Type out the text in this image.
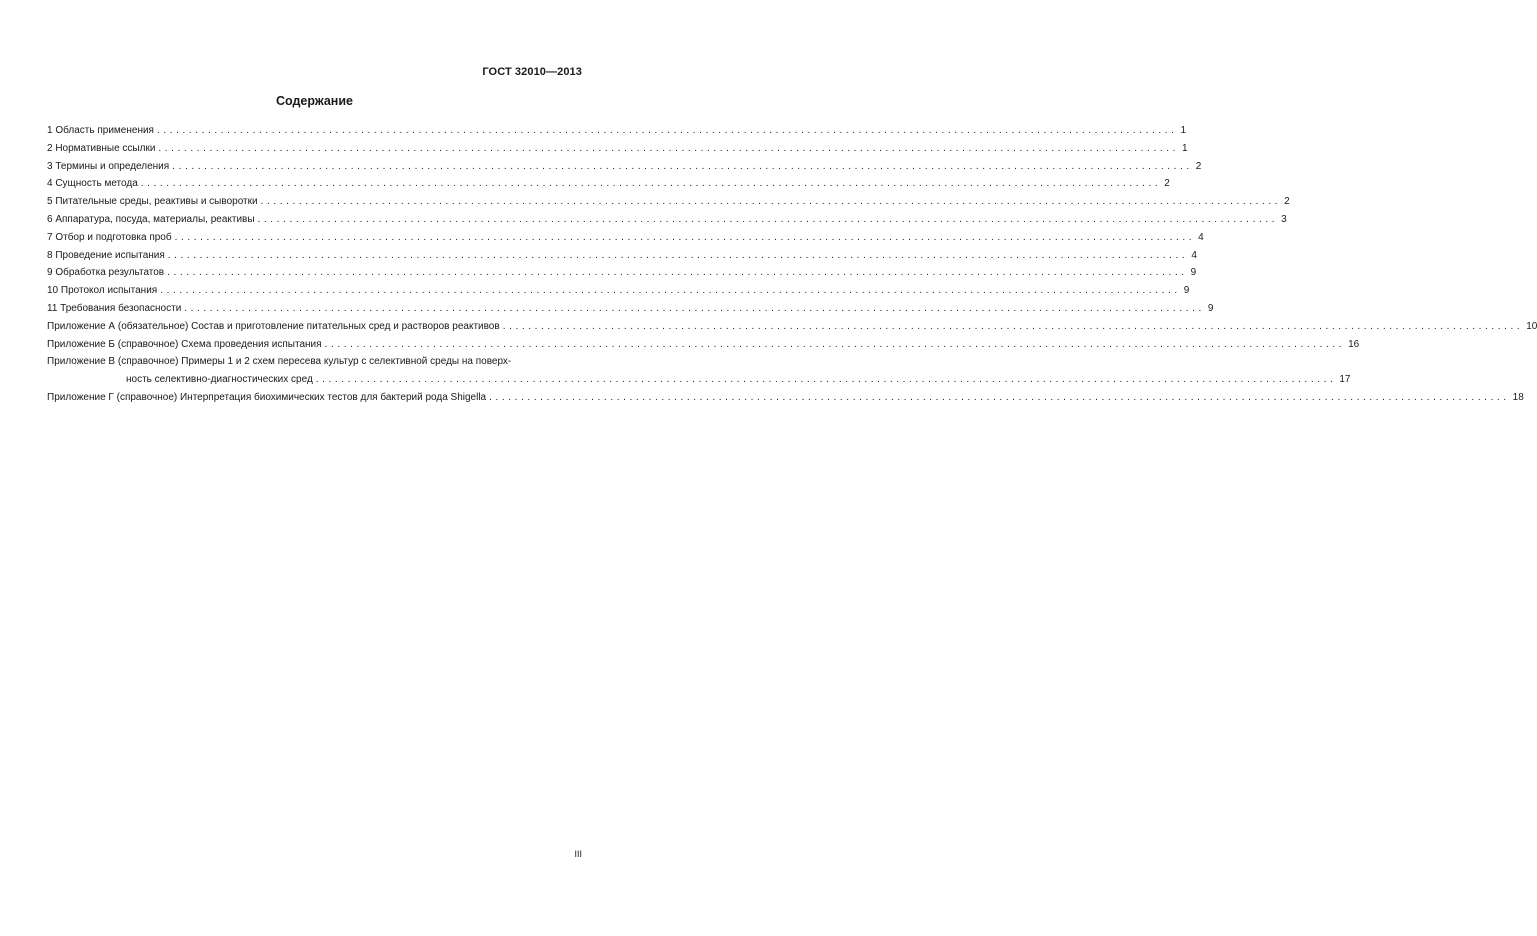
ГОСТ 32010—2013
Содержание
1 Область применения ................................................................................................................................................................ 1
2 Нормативные ссылки ................................................................................................................................................................ 1
3 Термины и определения ................................................................................................................................................................ 2
4 Сущность метода ................................................................................................................................................................ 2
5 Питательные среды, реактивы и сыворотки ................................................................................................................................................................ 2
6 Аппаратура, посуда, материалы, реактивы ................................................................................................................................................................ 3
7 Отбор и подготовка проб ................................................................................................................................................................ 4
8 Проведение испытания ................................................................................................................................................................ 4
9 Обработка результатов ................................................................................................................................................................ 9
10 Протокол испытания ................................................................................................................................................................ 9
11 Требования безопасности ................................................................................................................................................................ 9
Приложение А (обязательное) Состав и приготовление питательных сред и растворов реактивов ................................................................................................................................................................ 10
Приложение Б (справочное) Схема проведения испытания ................................................................................................................................................................ 16
Приложение В (справочное) Примеры 1 и 2 схем пересева культур с селективной среды на поверх-
ность селективно-диагностических сред ................................................................................................................................................................ 17
Приложение Г (справочное) Интерпретация биохимических тестов для бактерий рода Shigella ................................................................................................................................................................ 18
III
